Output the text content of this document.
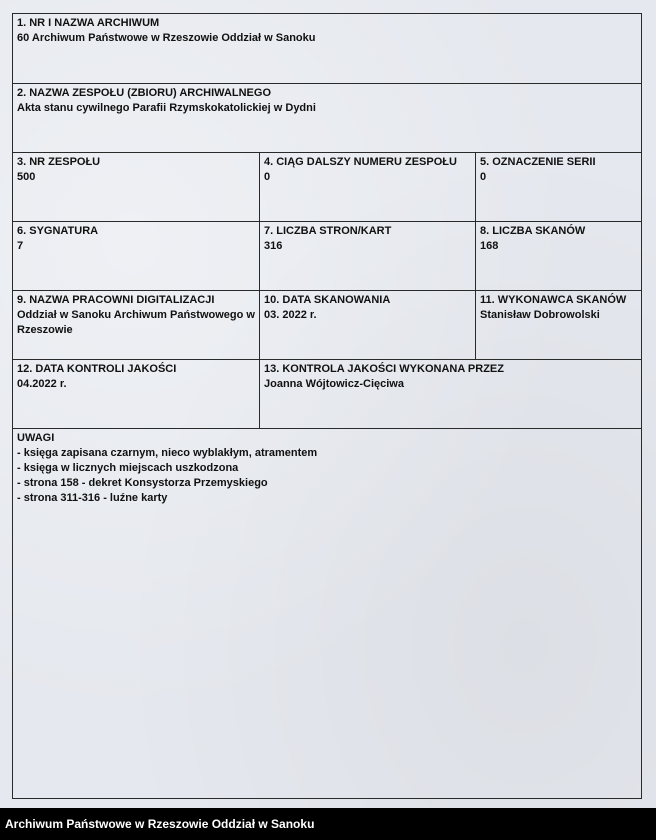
1. NR I NAZWA ARCHIWUM
60 Archiwum Państwowe w Rzeszowie Oddział w Sanoku
2. NAZWA ZESPOŁU (ZBIORU) ARCHIWALNEGO
Akta stanu cywilnego Parafii Rzymskokatolickiej w Dydni
3. NR ZESPOŁU
500
4. CIĄG DALSZY NUMERU ZESPOŁU
0
5. OZNACZENIE SERII
0
6. SYGNATURA
7
7. LICZBA STRON/KART
316
8. LICZBA SKANÓW
168
9. NAZWA PRACOWNI DIGITALIZACJI
Oddział w Sanoku Archiwum Państwowego w Rzeszowie
10. DATA SKANOWANIA
03. 2022 r.
11. WYKONAWCA SKANÓW
Stanisław Dobrowolski
12. DATA KONTROLI JAKOŚCI
04.2022 r.
13. KONTROLA JAKOŚCI WYKONANA PRZEZ
Joanna Wójtowicz-Cięciwa
UWAGI
- księga zapisana czarnym, nieco wyblakłym, atramentem
- księga w licznych miejscach uszkodzona
- strona 158 - dekret Konsystorza Przemyskiego
- strona 311-316 - luźne karty
Archiwum Państwowe w Rzeszowie Oddział w Sanoku
